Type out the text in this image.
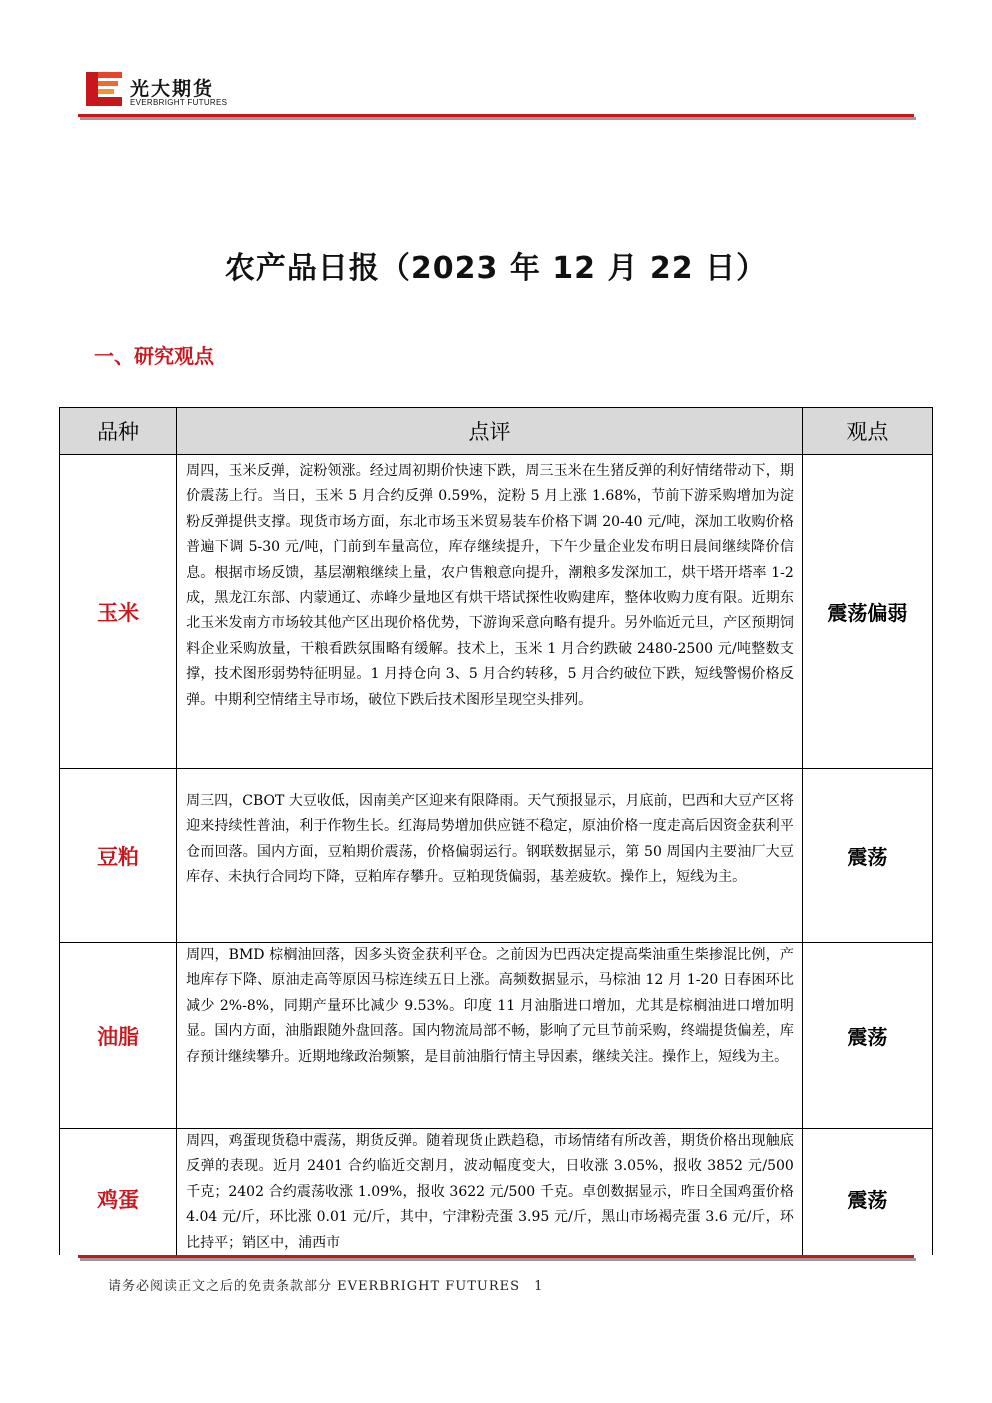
光大期货
EVERBRIGHT FUTURES
农产品日报（2023 年 12 月 22 日）
一、研究观点
品种	点评	观点
玉米	周四，玉米反弹，淀粉领涨。经过周初期价快速下跌，周三玉米在生猪反弹的利好情绪带动下，期价震荡上行。当日，玉米 5 月合约反弹 0.59%，淀粉 5 月上涨 1.68%，节前下游采购增加为淀粉反弹提供支撑。现货市场方面，东北市场玉米贸易装车价格下调 20-40 元/吨，深加工收购价格普遍下调 5-30 元/吨，门前到车量高位，库存继续提升，下午少量企业发布明日晨间继续降价信息。根据市场反馈，基层潮粮继续上量，农户售粮意向提升，潮粮多发深加工，烘干塔开塔率 1-2 成，黑龙江东部、内蒙通辽、赤峰少量地区有烘干塔试探性收购建库，整体收购力度有限。近期东北玉米发南方市场较其他产区出现价格优势，下游询采意向略有提升。另外临近元旦，产区预期饲料企业采购放量，干粮看跌氛围略有缓解。技术上，玉米 1 月合约跌破 2480-2500 元/吨整数支撑，技术图形弱势特征明显。1 月持仓向 3、5 月合约转移，5 月合约破位下跌，短线警惕价格反弹。中期利空情绪主导市场，破位下跌后技术图形呈现空头排列。	震荡偏弱
豆粕	周三四，CBOT 大豆收低，因南美产区迎来有限降雨。天气预报显示，月底前，巴西和大豆产区将迎来持续性普油，利于作物生长。红海局势增加供应链不稳定，原油价格一度走高后因资金获利平仓而回落。国内方面，豆粕期价震荡，价格偏弱运行。钢联数据显示，第 50 周国内主要油厂大豆库存、未执行合同均下降，豆粕库存攀升。豆粕现货偏弱，基差疲软。操作上，短线为主。	震荡
油脂	周四，BMD 棕榈油回落，因多头资金获利平仓。之前因为巴西决定提高柴油重生柴掺混比例，产地库存下降、原油走高等原因马棕连续五日上涨。高频数据显示，马棕油 12 月 1-20 日春困环比减少 2%-8%，同期产量环比减少 9.53%。印度 11 月油脂进口增加，尤其是棕榈油进口增加明显。国内方面，油脂跟随外盘回落。国内物流局部不畅，影响了元旦节前采购，终端提货偏差，库存预计继续攀升。近期地缘政治频繁，是目前油脂行情主导因素，继续关注。操作上，短线为主。	震荡
鸡蛋	周四，鸡蛋现货稳中震荡，期货反弹。随着现货止跌趋稳，市场情绪有所改善，期货价格出现触底反弹的表现。近月 2401 合约临近交割月，波动幅度变大，日收涨 3.05%，报收 3852 元/500 千克；2402 合约震荡收涨 1.09%，报收 3622 元/500 千克。卓创数据显示，昨日全国鸡蛋价格 4.04 元/斤，环比涨 0.01 元/斤，其中，宁津粉壳蛋 3.95 元/斤，黑山市场褐壳蛋 3.6 元/斤，环比持平；销区中，浦西市	震荡
请务必阅读正文之后的免责条款部分 EVERBRIGHT FUTURES　1
